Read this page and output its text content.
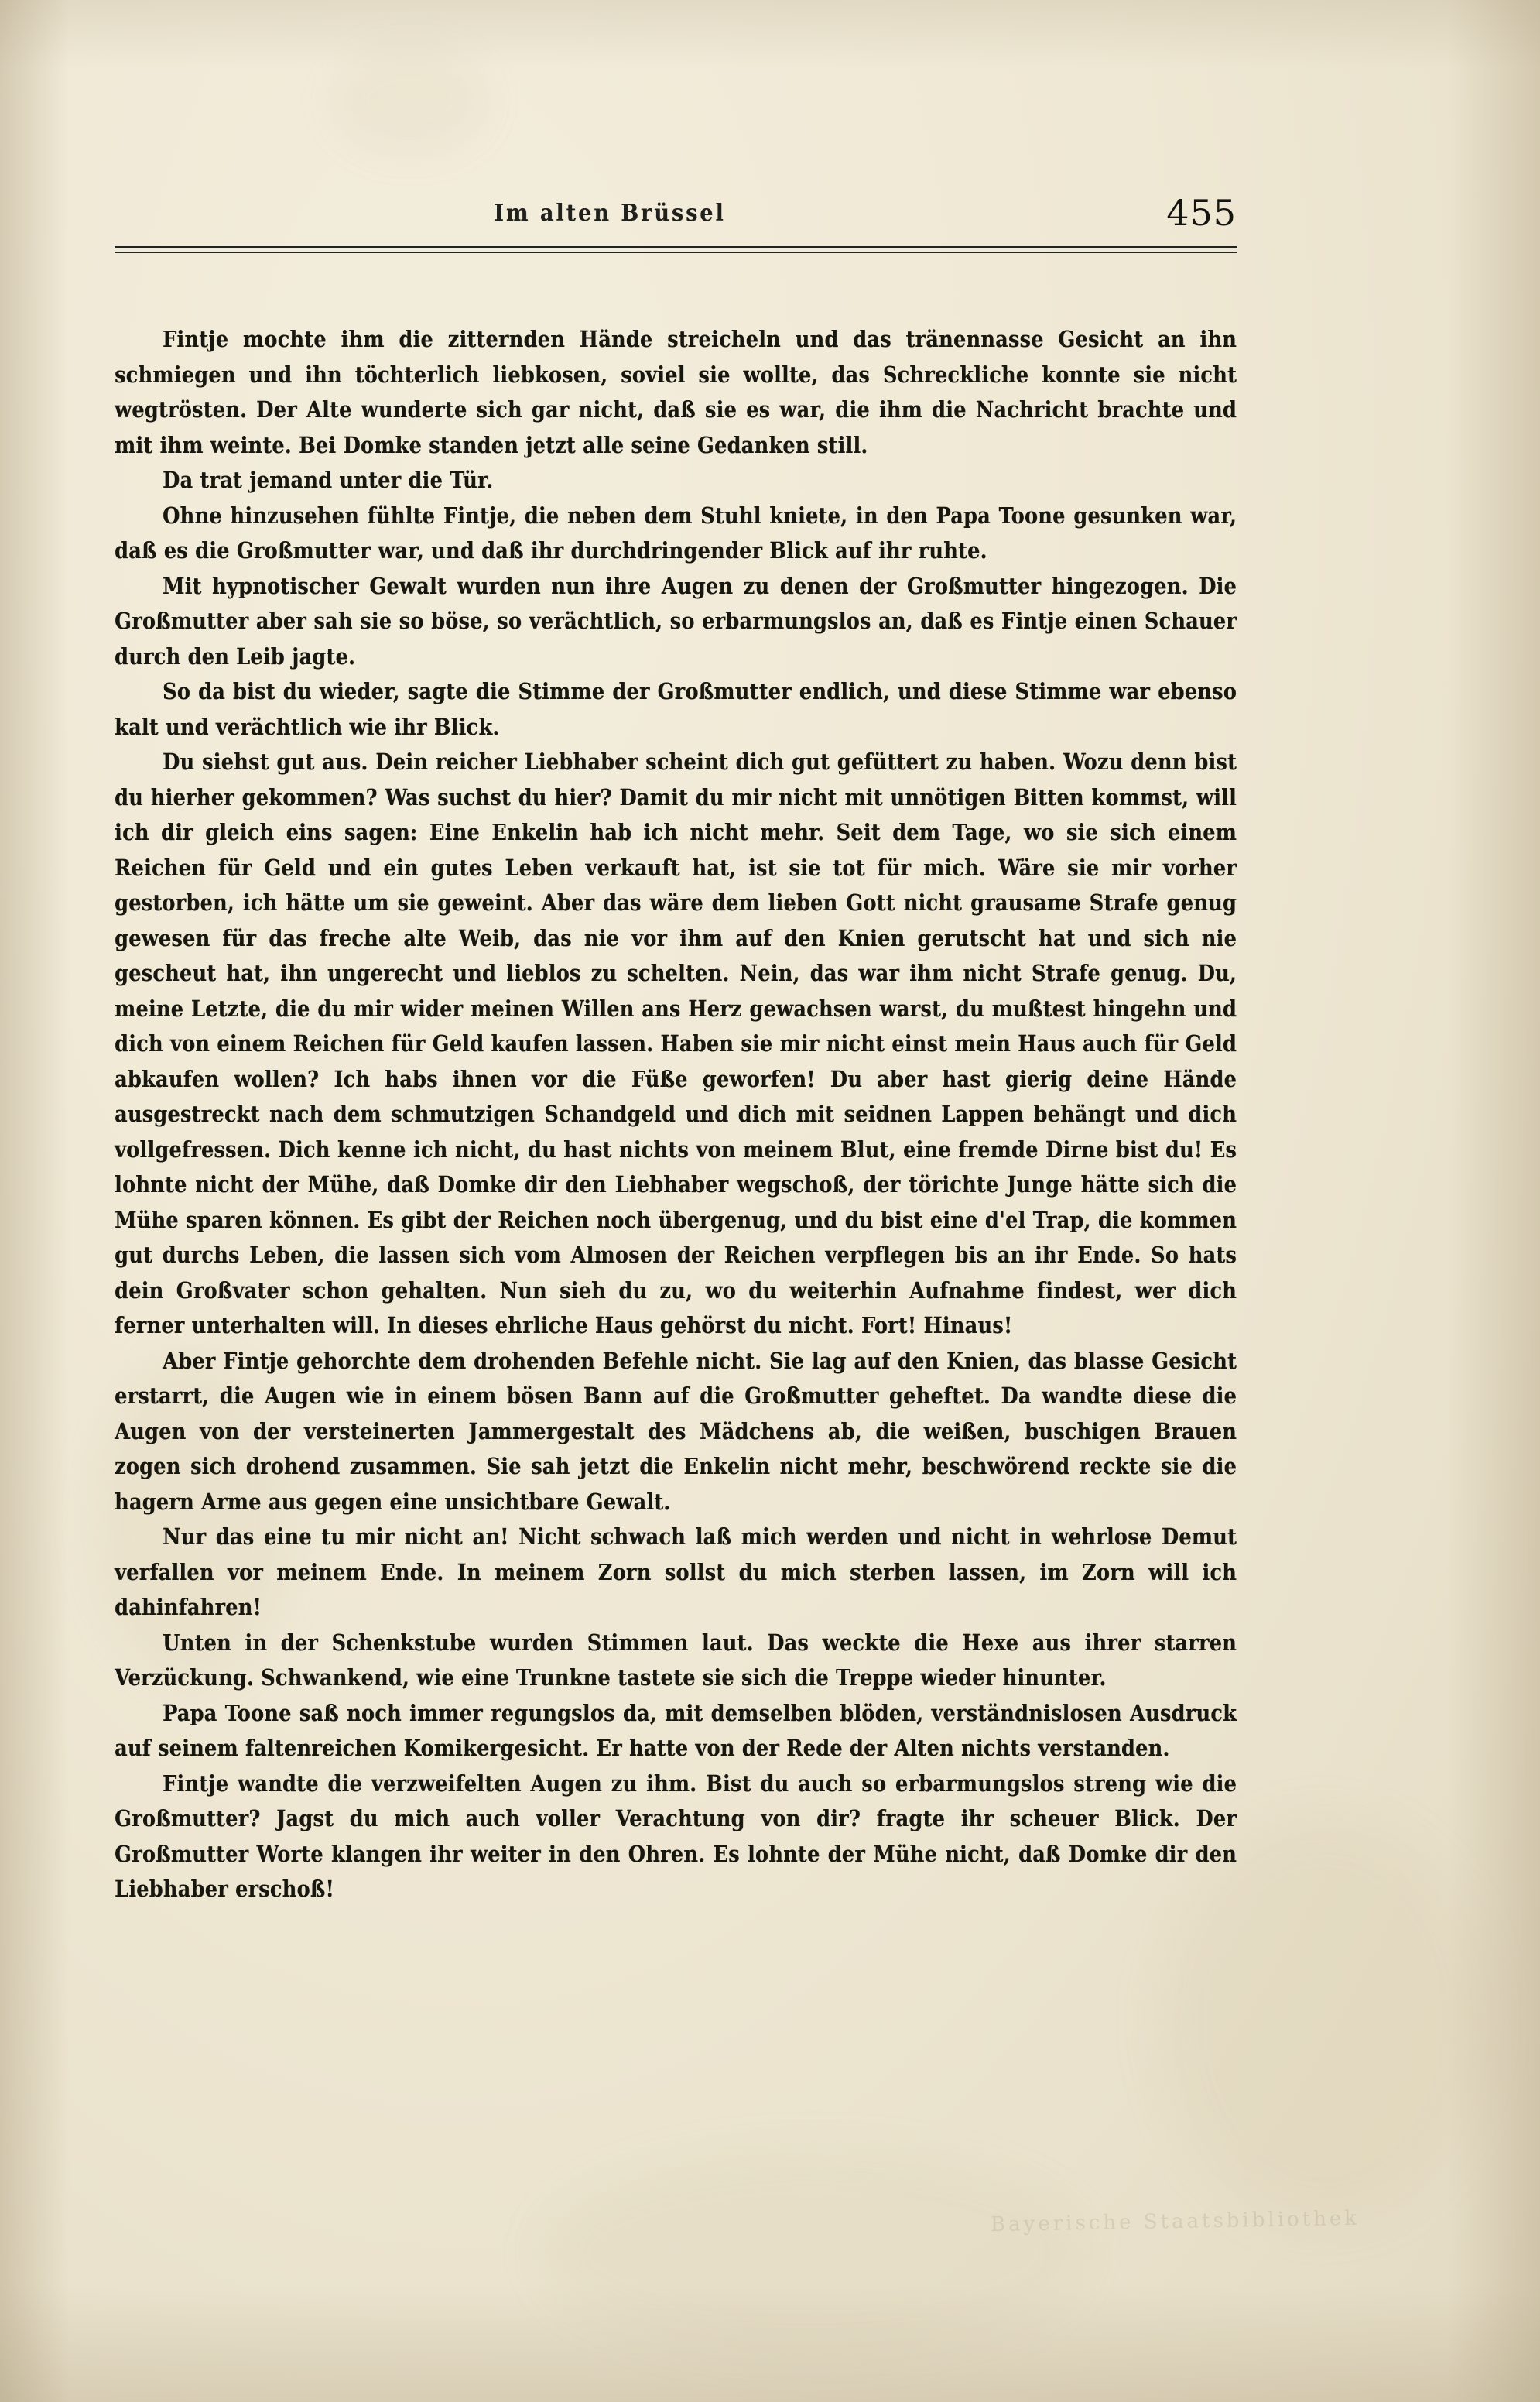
Im alten Brüssel	455

Fintje mochte ihm die zitternden Hände streicheln und das tränennasse Gesicht an ihn schmiegen und ihn töchterlich liebkosen, soviel sie wollte, das Schreckliche konnte sie nicht wegtrösten. Der Alte wunderte sich gar nicht, daß sie es war, die ihm die Nachricht brachte und mit ihm weinte. Bei Domke standen jetzt alle seine Gedanken still.

Da trat jemand unter die Tür.

Ohne hinzusehen fühlte Fintje, die neben dem Stuhl kniete, in den Papa Toone gesunken war, daß es die Großmutter war, und daß ihr durchdringender Blick auf ihr ruhte.

Mit hypnotischer Gewalt wurden nun ihre Augen zu denen der Großmutter hingezogen. Die Großmutter aber sah sie so böse, so verächtlich, so erbarmungslos an, daß es Fintje einen Schauer durch den Leib jagte.

So da bist du wieder, sagte die Stimme der Großmutter endlich, und diese Stimme war ebenso kalt und verächtlich wie ihr Blick.

Du siehst gut aus. Dein reicher Liebhaber scheint dich gut gefüttert zu haben. Wozu denn bist du hierher gekommen? Was suchst du hier? Damit du mir nicht mit unnötigen Bitten kommst, will ich dir gleich eins sagen: Eine Enkelin hab ich nicht mehr. Seit dem Tage, wo sie sich einem Reichen für Geld und ein gutes Leben verkauft hat, ist sie tot für mich. Wäre sie mir vorher gestorben, ich hätte um sie geweint. Aber das wäre dem lieben Gott nicht grausame Strafe genug gewesen für das freche alte Weib, das nie vor ihm auf den Knien gerutscht hat und sich nie gescheut hat, ihn ungerecht und lieblos zu schelten. Nein, das war ihm nicht Strafe genug. Du, meine Letzte, die du mir wider meinen Willen ans Herz gewachsen warst, du mußtest hingehn und dich von einem Reichen für Geld kaufen lassen. Haben sie mir nicht einst mein Haus auch für Geld abkaufen wollen? Ich habs ihnen vor die Füße geworfen! Du aber hast gierig deine Hände ausgestreckt nach dem schmutzigen Schandgeld und dich mit seidnen Lappen behängt und dich vollgefressen. Dich kenne ich nicht, du hast nichts von meinem Blut, eine fremde Dirne bist du! Es lohnte nicht der Mühe, daß Domke dir den Liebhaber wegschoß, der törichte Junge hätte sich die Mühe sparen können. Es gibt der Reichen noch übergenug, und du bist eine d'el Trap, die kommen gut durchs Leben, die lassen sich vom Almosen der Reichen verpflegen bis an ihr Ende. So hats dein Großvater schon gehalten. Nun sieh du zu, wo du weiterhin Aufnahme findest, wer dich ferner unterhalten will. In dieses ehrliche Haus gehörst du nicht. Fort! Hinaus!

Aber Fintje gehorchte dem drohenden Befehle nicht. Sie lag auf den Knien, das blasse Gesicht erstarrt, die Augen wie in einem bösen Bann auf die Großmutter geheftet. Da wandte diese die Augen von der versteinerten Jammergestalt des Mädchens ab, die weißen, buschigen Brauen zogen sich drohend zusammen. Sie sah jetzt die Enkelin nicht mehr, beschwörend reckte sie die hagern Arme aus gegen eine unsichtbare Gewalt.

Nur das eine tu mir nicht an! Nicht schwach laß mich werden und nicht in wehrlose Demut verfallen vor meinem Ende. In meinem Zorn sollst du mich sterben lassen, im Zorn will ich dahinfahren!

Unten in der Schenkstube wurden Stimmen laut. Das weckte die Hexe aus ihrer starren Verzückung. Schwankend, wie eine Trunkne tastete sie sich die Treppe wieder hinunter.

Papa Toone saß noch immer regungslos da, mit demselben blöden, verständnislosen Ausdruck auf seinem faltenreichen Komikergesicht. Er hatte von der Rede der Alten nichts verstanden.

Fintje wandte die verzweifelten Augen zu ihm. Bist du auch so erbarmungslos streng wie die Großmutter? Jagst du mich auch voller Verachtung von dir? fragte ihr scheuer Blick. Der Großmutter Worte klangen ihr weiter in den Ohren. Es lohnte der Mühe nicht, daß Domke dir den Liebhaber erschoß!

Bayerische Staatsbibliothek
